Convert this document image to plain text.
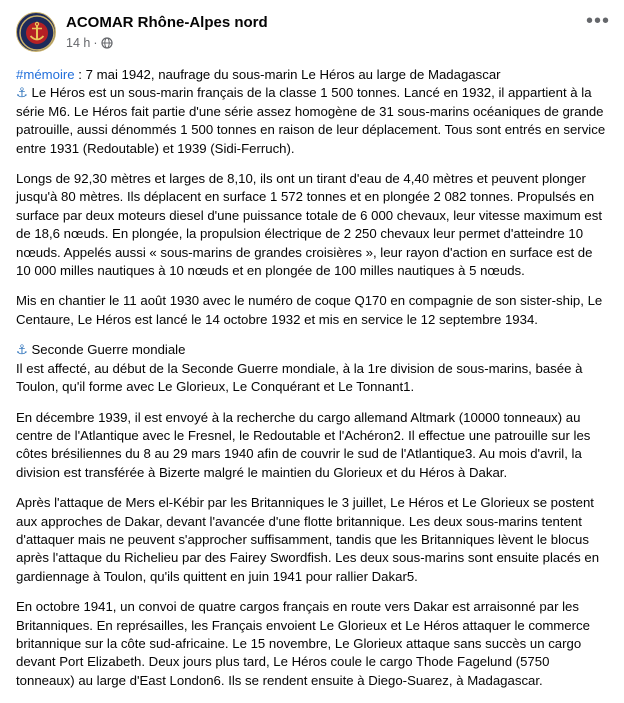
ACOMAR Rhône-Alpes nord
14 h ·
•••

#mémoire : 7 mai 1942, naufrage du sous-marin Le Héros au large de Madagascar
⚓ Le Héros est un sous-marin français de la classe 1 500 tonnes. Lancé en 1932, il appartient à la série M6. Le Héros fait partie d'une série assez homogène de 31 sous-marins océaniques de grande patrouille, aussi dénommés 1 500 tonnes en raison de leur déplacement. Tous sont entrés en service entre 1931 (Redoutable) et 1939 (Sidi-Ferruch).

Longs de 92,30 mètres et larges de 8,10, ils ont un tirant d'eau de 4,40 mètres et peuvent plonger jusqu'à 80 mètres. Ils déplacent en surface 1 572 tonnes et en plongée 2 082 tonnes. Propulsés en surface par deux moteurs diesel d'une puissance totale de 6 000 chevaux, leur vitesse maximum est de 18,6 nœuds. En plongée, la propulsion électrique de 2 250 chevaux leur permet d'atteindre 10 nœuds. Appelés aussi « sous-marins de grandes croisières », leur rayon d'action en surface est de 10 000 milles nautiques à 10 nœuds et en plongée de 100 milles nautiques à 5 nœuds.

Mis en chantier le 11 août 1930 avec le numéro de coque Q170 en compagnie de son sister-ship, Le Centaure, Le Héros est lancé le 14 octobre 1932 et mis en service le 12 septembre 1934.

⚓ Seconde Guerre mondiale
Il est affecté, au début de la Seconde Guerre mondiale, à la 1re division de sous-marins, basée à Toulon, qu'il forme avec Le Glorieux, Le Conquérant et Le Tonnant1.

En décembre 1939, il est envoyé à la recherche du cargo allemand Altmark (10000 tonneaux) au centre de l'Atlantique avec le Fresnel, le Redoutable et l'Achéron2. Il effectue une patrouille sur les côtes brésiliennes du 8 au 29 mars 1940 afin de couvrir le sud de l'Atlantique3. Au mois d'avril, la division est transférée à Bizerte malgré le maintien du Glorieux et du Héros à Dakar.

Après l'attaque de Mers el-Kébir par les Britanniques le 3 juillet, Le Héros et Le Glorieux se postent aux approches de Dakar, devant l'avancée d'une flotte britannique. Les deux sous-marins tentent d'attaquer mais ne peuvent s'approcher suffisamment, tandis que les Britanniques lèvent le blocus après l'attaque du Richelieu par des Fairey Swordfish. Les deux sous-marins sont ensuite placés en gardiennage à Toulon, qu'ils quittent en juin 1941 pour rallier Dakar5.

En octobre 1941, un convoi de quatre cargos français en route vers Dakar est arraisonné par les Britanniques. En représailles, les Français envoient Le Glorieux et Le Héros attaquer le commerce britannique sur la côte sud-africaine. Le 15 novembre, Le Glorieux attaque sans succès un cargo devant Port Elizabeth. Deux jours plus tard, Le Héros coule le cargo Thode Fagelund (5750 tonneaux) au large d'East London6. Ils se rendent ensuite à Diego-Suarez, à Madagascar.
